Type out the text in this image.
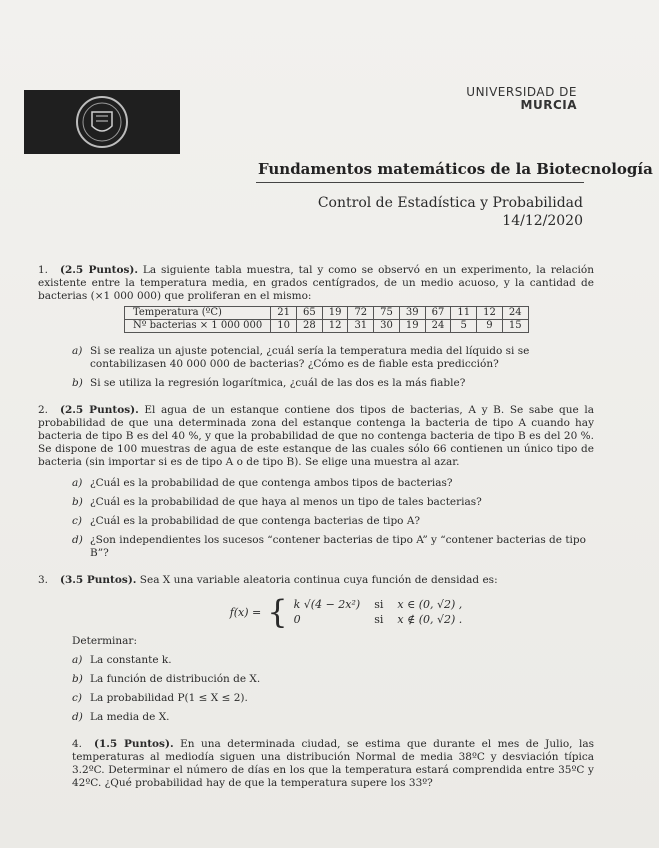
UNIVERSIDAD DE
MURCIA
Fundamentos matemáticos de la Biotecnología
Control de Estadística y Probabilidad
14/12/2020

1. (2.5 Puntos). La siguiente tabla muestra, tal y como se observó en un experimento, la relación existente entre la temperatura media, en grados centígrados, de un medio acuoso, y la cantidad de bacterias (×1 000 000) que proliferan en el mismo:

Temperatura (ºC)	21	65	19	72	75	39	67	11	12	24
Nº bacterias × 1 000 000	10	28	12	31	30	19	24	5	9	15
a) Si se realiza un ajuste potencial, ¿cuál sería la temperatura media del líquido si se contabilizasen 40 000 000 de bacterias? ¿Cómo es de fiable esta predicción?
b) Si se utiliza la regresión logarítmica, ¿cuál de las dos es la más fiable?

2. (2.5 Puntos). El agua de un estanque contiene dos tipos de bacterias, A y B. Se sabe que la probabilidad de que una determinada zona del estanque contenga la bacteria de tipo A cuando hay bacteria de tipo B es del 40 %, y que la probabilidad de que no contenga bacteria de tipo B es del 20 %. Se dispone de 100 muestras de agua de este estanque de las cuales sólo 66 contienen un único tipo de bacteria (sin importar si es de tipo A o de tipo B). Se elige una muestra al azar.

a) ¿Cuál es la probabilidad de que contenga ambos tipos de bacterias?
b) ¿Cuál es la probabilidad de que haya al menos un tipo de tales bacterias?
c) ¿Cuál es la probabilidad de que contenga bacterias de tipo A?
d) ¿Son independientes los sucesos “contener bacterias de tipo A” y “contener bacterias de tipo B”?

3. (3.5 Puntos). Sea X una variable aleatoria continua cuya función de densidad es:

f(x) = { k √(4 − 2x²) si x ∈ (0, √2) ,
0	si x ∉ (0, √2) .

Determinar:

a) La constante k.
b) La función de distribución de X.
c) La probabilidad P(1 ≤ X ≤ 2).
d) La media de X.

4. (1.5 Puntos). En una determinada ciudad, se estima que durante el mes de Julio, las temperaturas al mediodía siguen una distribución Normal de media 38ºC y desviación típica 3.2ºC. Determinar el número de días en los que la temperatura estará comprendida entre 35ºC y 42ºC. ¿Qué probabilidad hay de que la temperatura supere los 33º?
